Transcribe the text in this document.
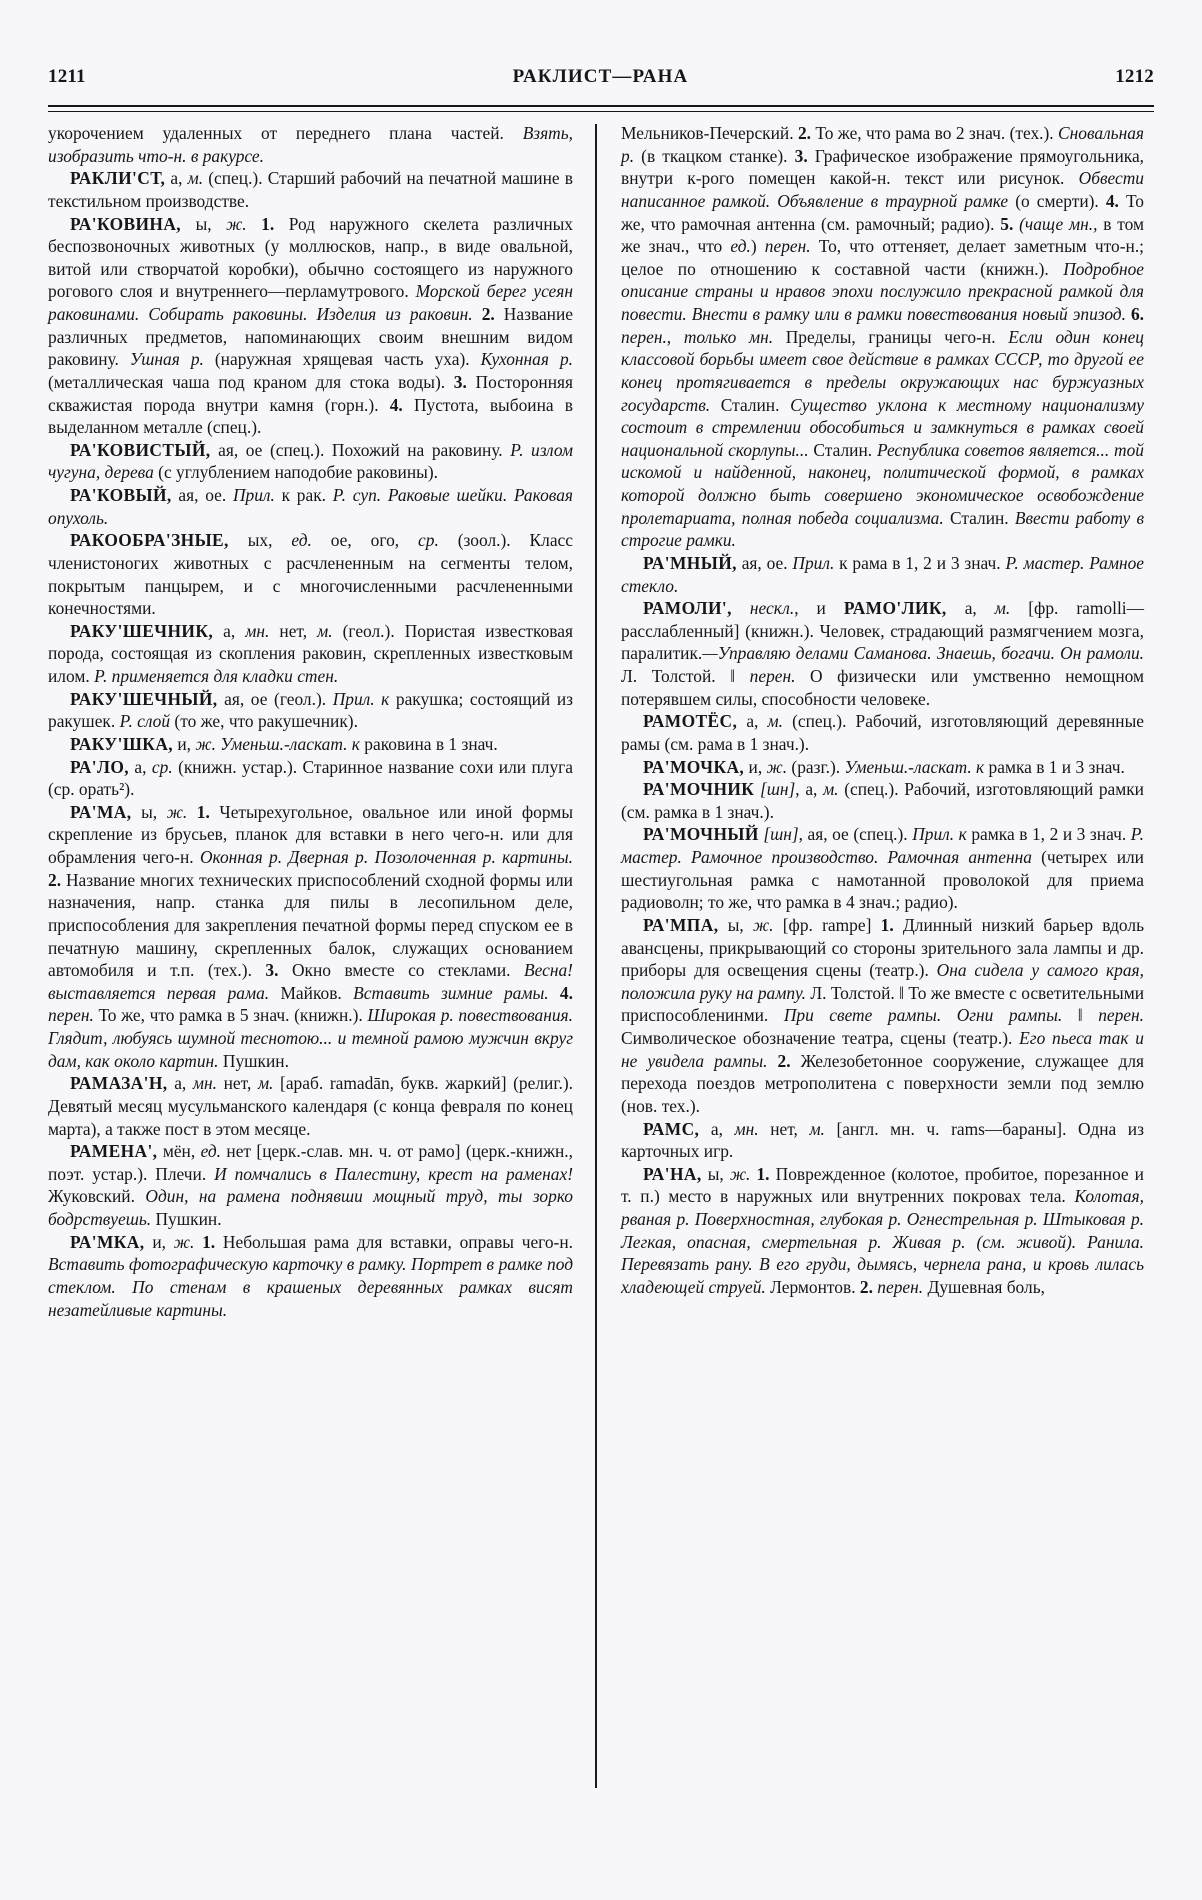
1211	РАКЛИСТ—РАНА	1212

укорочением удаленных от переднего плана частей. Взять, изобразить что-н. в ракурсе.

РАКЛИ'СТ, а, м. (спец.). Старший рабочий на печатной машине в текстильном производстве.

РА'КОВИНА, ы, ж. 1. Род наружного скелета различных беспозвоночных животных (у моллюсков, напр., в виде овальной, витой или створчатой коробки), обычно состоящего из наружного рогового слоя и внутреннего—перламутрового. Морской берег усеян раковинами. Собирать раковины. Изделия из раковин. 2. Название различных предметов, напоминающих своим внешним видом раковину. Ушная р. (наружная хрящевая часть уха). Кухонная р. (металлическая чаша под краном для стока воды). 3. Посторонняя скважистая порода внутри камня (горн.). 4. Пустота, выбоина в выделанном металле (спец.).

РА'КОВИСТЫЙ, ая, ое (спец.). Похожий на раковину. Р. излом чугуна, дерева (с углублением наподобие раковины).

РА'КОВЫЙ, ая, ое. Прил. к рак. Р. суп. Раковые шейки. Раковая опухоль.

РАКООБРА'ЗНЫЕ, ых, ед. ое, ого, ср. (зоол.). Класс членистоногих животных с расчлененным на сегменты телом, покрытым панцырем, и с многочисленными расчлененными конечностями.

РАКУ'ШЕЧНИК, а, мн. нет, м. (геол.). Пористая известковая порода, состоящая из скопления раковин, скрепленных известковым илом. Р. применяется для кладки стен.

РАКУ'ШЕЧНЫЙ, ая, ое (геол.). Прил. к ракушка; состоящий из ракушек. Р. слой (то же, что ракушечник).

РАКУ'ШКА, и, ж. Уменьш.-ласкат. к раковина в 1 знач.

РА'ЛО, а, ср. (книжн. устар.). Старинное название сохи или плуга (ср. орать²).

РА'МА, ы, ж. 1. Четырехугольное, овальное или иной формы скрепление из брусьев, планок для вставки в него чего-н. или для обрамления чего-н. Оконная р. Дверная р. Позолоченная р. картины. 2. Название многих технических приспособлений сходной формы или назначения, напр. станка для пилы в лесопильном деле, приспособления для закрепления печатной формы перед спуском ее в печатную машину, скрепленных балок, служащих основанием автомобиля и т.п. (тех.). 3. Окно вместе со стеклами. Весна! выставляется первая рама. Майков. Вставить зимние рамы. 4. перен. То же, что рамка в 5 знач. (книжн.). Широкая р. повествования. Глядит, любуясь шумной теснотою... и темной рамою мужчин вкруг дам, как около картин. Пушкин.

РАМАЗА'Н, а, мн. нет, м. [араб. ramadān, букв. жаркий] (религ.). Девятый месяц мусульманского календаря (с конца февраля по конец марта), а также пост в этом месяце.

РАМЕНА', мён, ед. нет [церк.-слав. мн. ч. от рамо] (церк.-книжн., поэт. устар.). Плечи. И помчались в Палестину, крест на раменах! Жуковский. Один, на рамена поднявши мощный труд, ты зорко бодрствуешь. Пушкин.

РА'МКА, и, ж. 1. Небольшая рама для вставки, оправы чего-н. Вставить фотографическую карточку в рамку. Портрет в рамке под стеклом. По стенам в крашеных деревянных рамках висят незатейливые картины.

Мельников-Печерский. 2. То же, что рама во 2 знач. (тех.). Сновальная р. (в ткацком станке). 3. Графическое изображение прямоугольника, внутри к-рого помещен какой-н. текст или рисунок. Обвести написанное рамкой. Объявление в траурной рамке (о смерти). 4. То же, что рамочная антенна (см. рамочный; радио). 5. (чаще мн., в том же знач., что ед.) перен. То, что оттеняет, делает заметным что-н.; целое по отношению к составной части (книжн.). Подробное описание страны и нравов эпохи послужило прекрасной рамкой для повести. Внести в рамку или в рамки повествования новый эпизод. 6. перен., только мн. Пределы, границы чего-н. Если один конец классовой борьбы имеет свое действие в рамках СССР, то другой ее конец протягивается в пределы окружающих нас буржуазных государств. Сталин. Существо уклона к местному национализму состоит в стремлении обособиться и замкнуться в рамках своей национальной скорлупы... Сталин. Республика советов является... той искомой и найденной, наконец, политической формой, в рамках которой должно быть совершено экономическое освобождение пролетариата, полная победа социализма. Сталин. Ввести работу в строгие рамки.

РА'МНЫЙ, ая, ое. Прил. к рама в 1, 2 и 3 знач. Р. мастер. Рамное стекло.

РАМОЛИ', нескл., и РАМО'ЛИК, а, м. [фр. ramolli—расслабленный] (книжн.). Человек, страдающий размягчением мозга, паралитик.—Управляю делами Саманова. Знаешь, богачи. Он рамоли. Л. Толстой. ‖ перен. О физически или умственно немощном потерявшем силы, способности человеке.

РАМОТЁС, а, м. (спец.). Рабочий, изготовляющий деревянные рамы (см. рама в 1 знач.).

РА'МОЧКА, и, ж. (разг.). Уменьш.-ласкат. к рамка в 1 и 3 знач.

РА'МОЧНИК [шн], а, м. (спец.). Рабочий, изготовляющий рамки (см. рамка в 1 знач.).

РА'МОЧНЫЙ [шн], ая, ое (спец.). Прил. к рамка в 1, 2 и 3 знач. Р. мастер. Рамочное производство. Рамочная антенна (четырех или шестиугольная рамка с намотанной проволокой для приема радиоволн; то же, что рамка в 4 знач.; радио).

РА'МПА, ы, ж. [фр. rampe] 1. Длинный низкий барьер вдоль авансцены, прикрывающий со стороны зрительного зала лампы и др. приборы для освещения сцены (театр.). Она сидела у самого края, положила руку на рампу. Л. Толстой. ‖ То же вместе с осветительными приспособленинми. При свете рампы. Огни рампы. ‖ перен. Символическое обозначение театра, сцены (театр.). Его пьеса так и не увидела рампы. 2. Железобетонное сооружение, служащее для перехода поездов метрополитена с поверхности земли под землю (нов. тех.).

РАМС, а, мн. нет, м. [англ. мн. ч. rams—бараны]. Одна из карточных игр.

РА'НА, ы, ж. 1. Поврежденное (колотое, пробитое, порезанное и т. п.) место в наружных или внутренних покровах тела. Колотая, рваная р. Поверхностная, глубокая р. Огнестрельная р. Штыковая р. Легкая, опасная, смертельная р. Живая р. (см. живой). Ранила. Перевязать рану. В его груди, дымясь, чернела рана, и кровь лилась хладеющей струей. Лермонтов. 2. перен. Душевная боль,
